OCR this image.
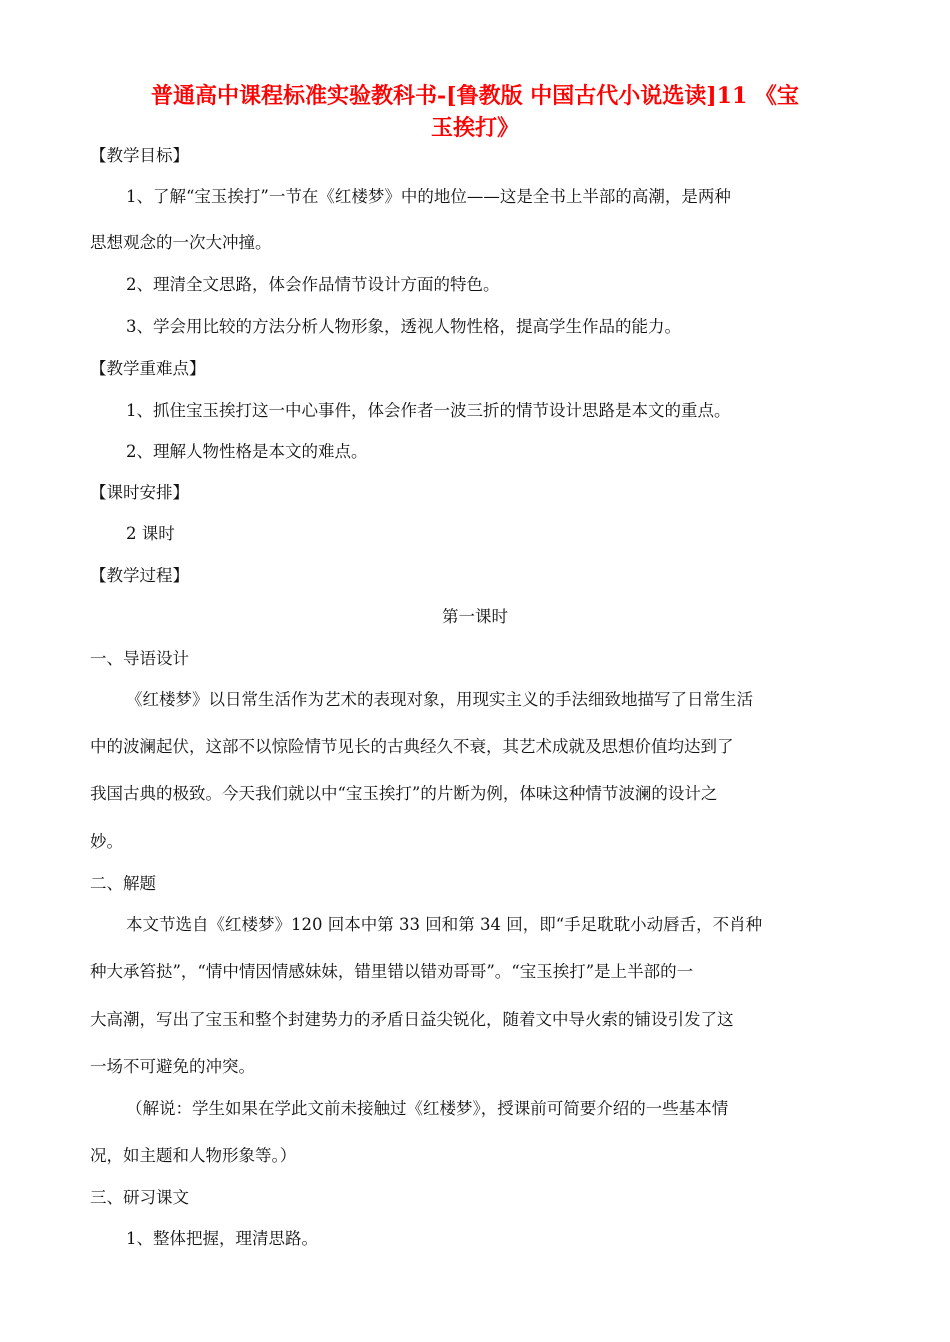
普通高中课程标准实验教科书-[鲁教版 中国古代小说选读]11 《宝
玉挨打》
【教学目标】
1、了解“宝玉挨打”一节在《红楼梦》中的地位——这是全书上半部的高潮，是两种
思想观念的一次大冲撞。
2、理清全文思路，体会作品情节设计方面的特色。
3、学会用比较的方法分析人物形象，透视人物性格，提高学生作品的能力。
【教学重难点】
1、抓住宝玉挨打这一中心事件，体会作者一波三折的情节设计思路是本文的重点。
2、理解人物性格是本文的难点。
【课时安排】
2 课时
【教学过程】
第一课时
一、导语设计
《红楼梦》以日常生活作为艺术的表现对象，用现实主义的手法细致地描写了日常生活
中的波澜起伏，这部不以惊险情节见长的古典经久不衰，其艺术成就及思想价值均达到了
我国古典的极致。今天我们就以中“宝玉挨打”的片断为例，体味这种情节波澜的设计之
妙。
二、解题
本文节选自《红楼梦》120 回本中第 33 回和第 34 回，即“手足耽耽小动唇舌，不肖种
种大承笞挞”，“情中情因情感妹妹，错里错以错劝哥哥”。“宝玉挨打”是上半部的一
大高潮，写出了宝玉和整个封建势力的矛盾日益尖锐化，随着文中导火索的铺设引发了这
一场不可避免的冲突。
（解说：学生如果在学此文前未接触过《红楼梦》，授课前可简要介绍的一些基本情
况，如主题和人物形象等。）
三、研习课文
1、整体把握，理清思路。
